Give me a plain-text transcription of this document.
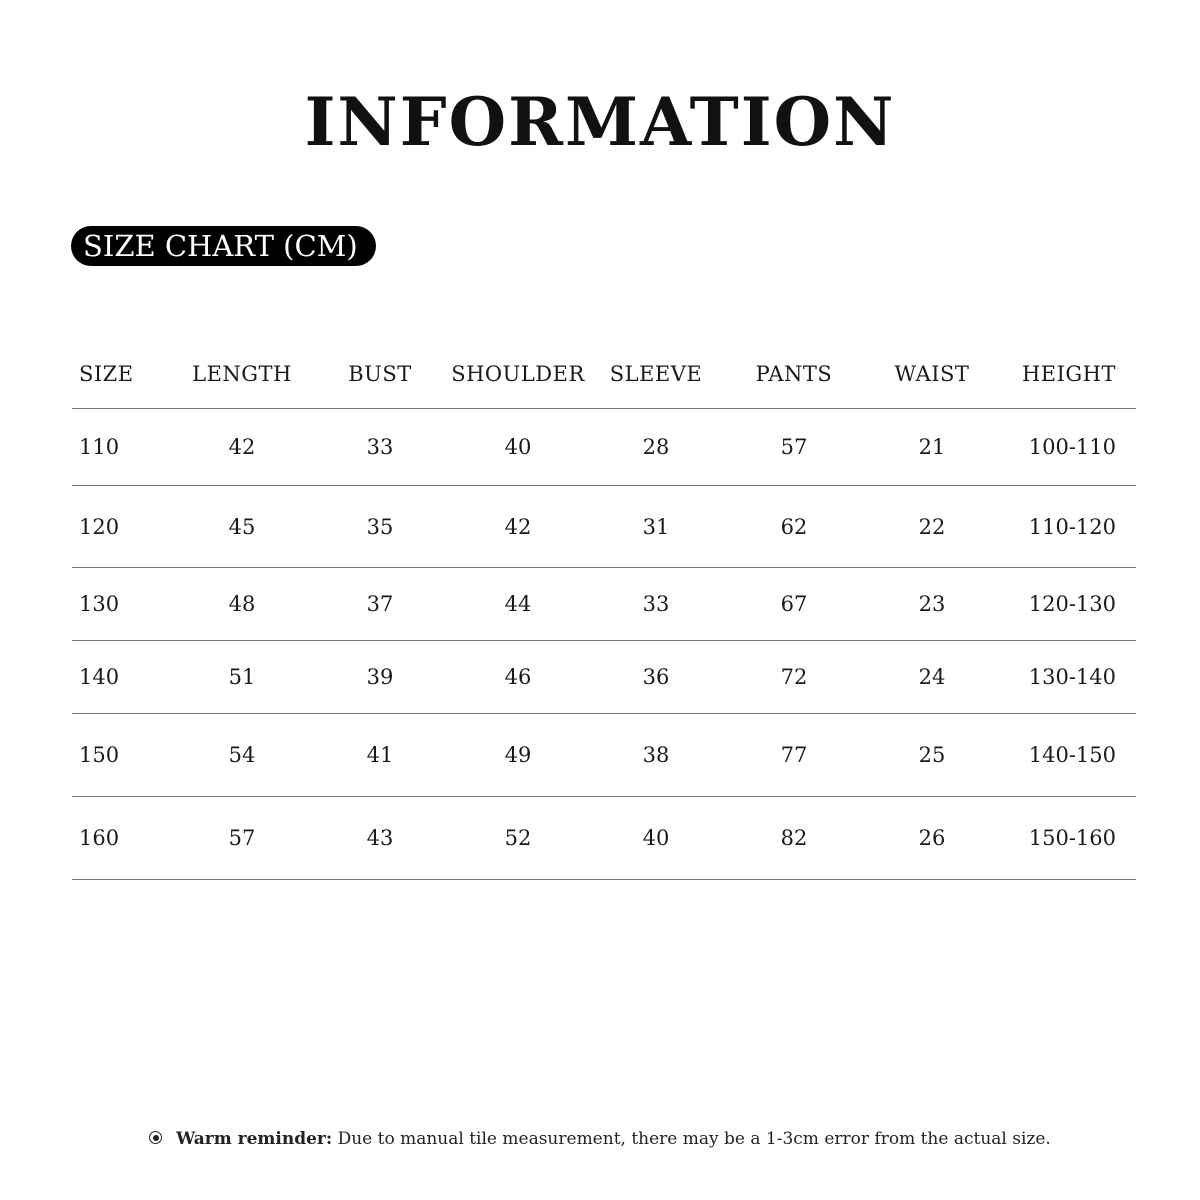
INFORMATION
SIZE CHART (CM)
SIZE	LENGTH	BUST	SHOULDER	SLEEVE	PANTS	WAIST	HEIGHT
110	42	33	40	28	57	21	100-110
120	45	35	42	31	62	22	110-120
130	48	37	44	33	67	23	120-130
140	51	39	46	36	72	24	130-140
150	54	41	49	38	77	25	140-150
160	57	43	52	40	82	26	150-160
Warm reminder: Due to manual tile measurement, there may be a 1-3cm error from the actual size.
